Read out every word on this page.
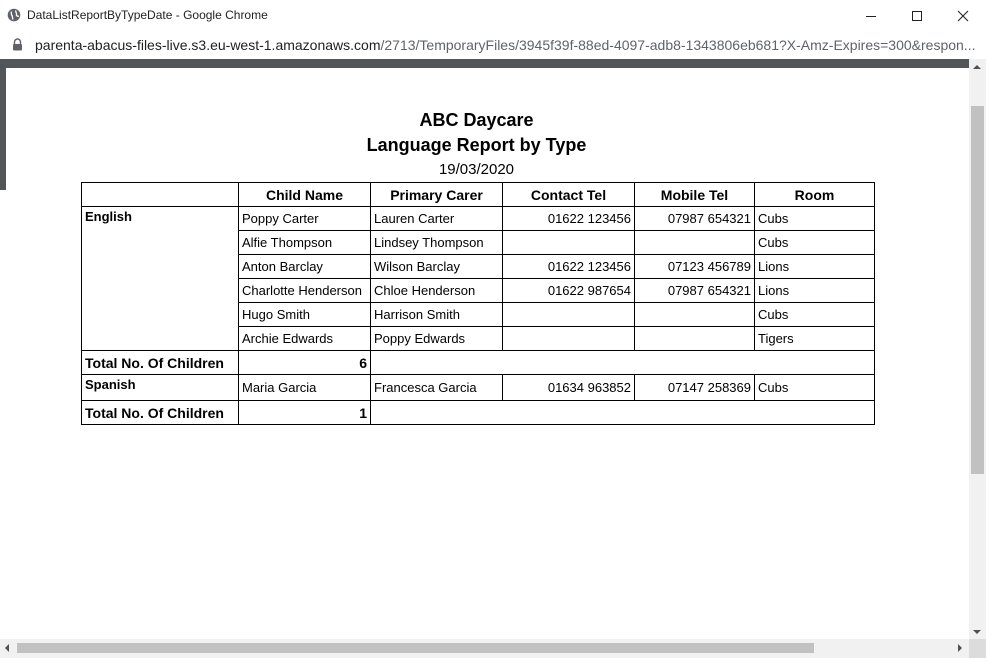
DataListReportByTypeDate - Google Chrome
parenta-abacus-files-live.s3.eu-west-1.amazonaws.com/2713/TemporaryFiles/3945f39f-88ed-4097-adb8-1343806eb681?X-Amz-Expires=300&respon...
ABC Daycare
Language Report by Type
19/03/2020
	Child Name	Primary Carer	Contact Tel	Mobile Tel	Room
English	Poppy Carter	Lauren Carter	01622 123456	07987 654321	Cubs
	Alfie Thompson	Lindsey Thompson			Cubs
	Anton Barclay	Wilson Barclay	01622 123456	07123 456789	Lions
	Charlotte Henderson	Chloe Henderson	01622 987654	07987 654321	Lions
	Hugo Smith	Harrison Smith			Cubs
	Archie Edwards	Poppy Edwards			Tigers
Total No. Of Children	6				
Spanish	Maria Garcia	Francesca Garcia	01634 963852	07147 258369	Cubs
Total No. Of Children	1				
